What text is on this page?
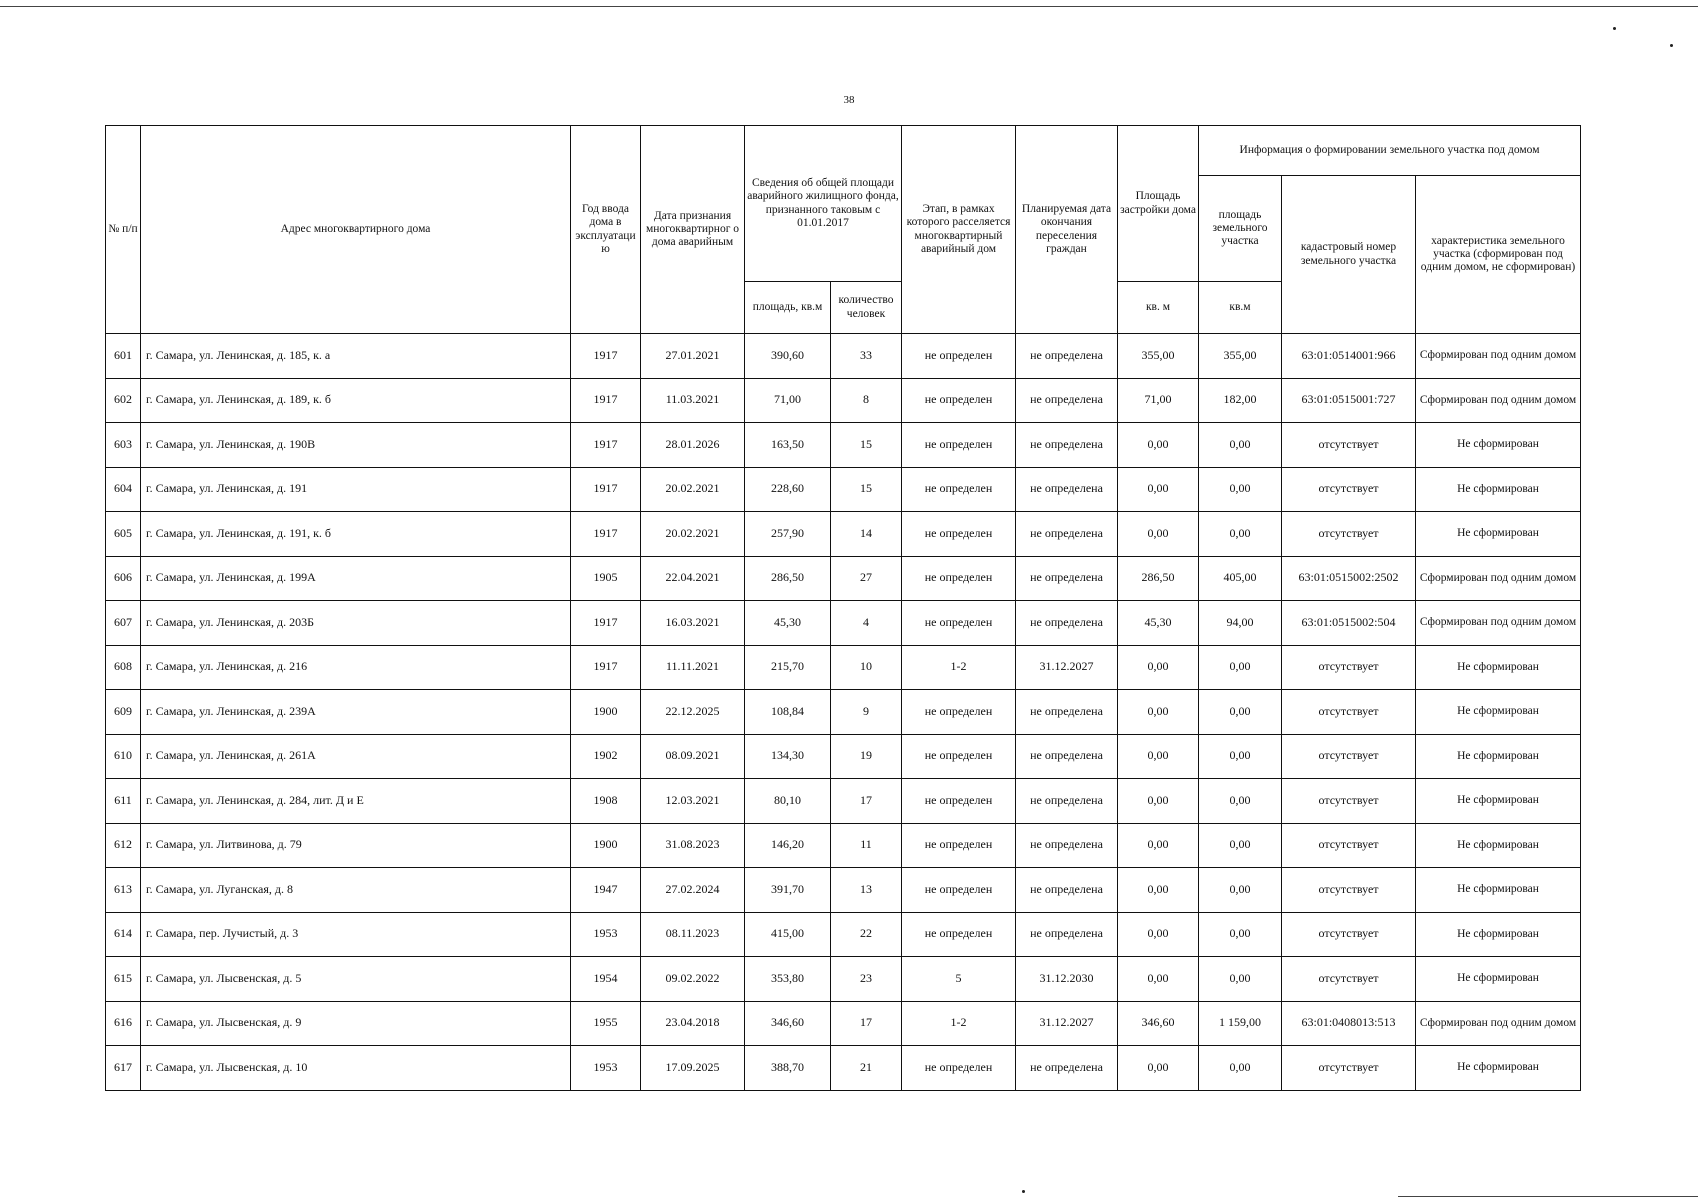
38
№ п/п	Адрес многоквартирного дома	Год ввода дома в эксплуатаци ю	Дата признания многоквартирног о дома аварийным	Сведения об общей площади аварийного жилищного фонда, признанного таковым с 01.01.2017		Этап, в рамках которого расселяется многоквартирный аварийный дом	Планируемая дата окончания переселения граждан	Площадь застройки дома	Информация о формировании земельного участка под домом		
									площадь земельного участка	кадастровый номер земельного участка	характеристика земельного участка (сформирован под одним домом, не сформирован)
				площадь, кв.м	количество человек			кв. м	кв.м		
601	г. Самара, ул. Ленинская, д. 185, к. а	1917	27.01.2021	390,60	33	не определен	не определена	355,00	355,00	63:01:0514001:966	Сформирован под одним домом
602	г. Самара, ул. Ленинская, д. 189, к. б	1917	11.03.2021	71,00	8	не определен	не определена	71,00	182,00	63:01:0515001:727	Сформирован под одним домом
603	г. Самара, ул. Ленинская, д. 190В	1917	28.01.2026	163,50	15	не определен	не определена	0,00	0,00	отсутствует	Не сформирован
604	г. Самара, ул. Ленинская, д. 191	1917	20.02.2021	228,60	15	не определен	не определена	0,00	0,00	отсутствует	Не сформирован
605	г. Самара, ул. Ленинская, д. 191, к. б	1917	20.02.2021	257,90	14	не определен	не определена	0,00	0,00	отсутствует	Не сформирован
606	г. Самара, ул. Ленинская, д. 199А	1905	22.04.2021	286,50	27	не определен	не определена	286,50	405,00	63:01:0515002:2502	Сформирован под одним домом
607	г. Самара, ул. Ленинская, д. 203Б	1917	16.03.2021	45,30	4	не определен	не определена	45,30	94,00	63:01:0515002:504	Сформирован под одним домом
608	г. Самара, ул. Ленинская, д. 216	1917	11.11.2021	215,70	10	1-2	31.12.2027	0,00	0,00	отсутствует	Не сформирован
609	г. Самара, ул. Ленинская, д. 239А	1900	22.12.2025	108,84	9	не определен	не определена	0,00	0,00	отсутствует	Не сформирован
610	г. Самара, ул. Ленинская, д. 261А	1902	08.09.2021	134,30	19	не определен	не определена	0,00	0,00	отсутствует	Не сформирован
611	г. Самара, ул. Ленинская, д. 284, лит. Д и Е	1908	12.03.2021	80,10	17	не определен	не определена	0,00	0,00	отсутствует	Не сформирован
612	г. Самара, ул. Литвинова, д. 79	1900	31.08.2023	146,20	11	не определен	не определена	0,00	0,00	отсутствует	Не сформирован
613	г. Самара, ул. Луганская, д. 8	1947	27.02.2024	391,70	13	не определен	не определена	0,00	0,00	отсутствует	Не сформирован
614	г. Самара, пер. Лучистый, д. 3	1953	08.11.2023	415,00	22	не определен	не определена	0,00	0,00	отсутствует	Не сформирован
615	г. Самара, ул. Лысвенская, д. 5	1954	09.02.2022	353,80	23	5	31.12.2030	0,00	0,00	отсутствует	Не сформирован
616	г. Самара, ул. Лысвенская, д. 9	1955	23.04.2018	346,60	17	1-2	31.12.2027	346,60	1 159,00	63:01:0408013:513	Сформирован под одним домом
617	г. Самара, ул. Лысвенская, д. 10	1953	17.09.2025	388,70	21	не определен	не определена	0,00	0,00	отсутствует	Не сформирован
